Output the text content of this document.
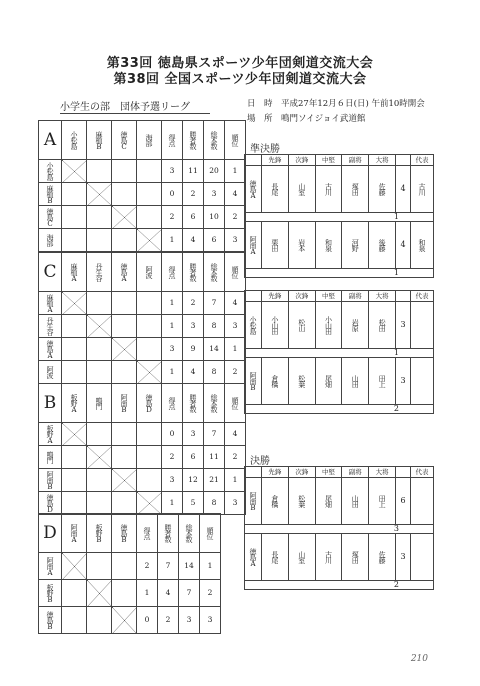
第33回 徳島県スポーツ少年団剣道交流大会
第38回 全国スポーツ少年団剣道交流大会
小学生の部　団体予選リーグ	日　時　平成27年12月６日(日) 午前10時開会
場　所　鳴門ソイジョイ武道館
A	小松島	麻植B	徳島C	海部	得点	勝者数	総本数	順位

小松島					3	11	20	1

麻植B					0	2	3	4

徳島C					2	6	10	2

海部					1	4	6	3
C	麻植A	丹生谷	徳島A	阿波	得点	勝者数	総本数	順位

麻植A					1	2	7	4

丹生谷					1	3	8	3

徳島A					3	9	14	1

阿波					1	4	8	2
B	板野A	鳴門	阿南B	徳島D	得点	勝者数	総本数	順位

板野A					0	3	7	4

鳴門					2	6	11	2

阿南B					3	12	21	1

徳島D					1	5	8	3
D	阿南A	板野B	徳島B	得点	勝者数	総本数	順位

阿南A				2	7	14	1

板野B				1	4	7	2

徳島B				0	2	3	3
準決勝
	先鋒	次鋒	中堅	副将	大将		代表

徳島A	長尾	山室	古川	塚田	佐藤	4	古川

1							

阿南A	栗田	岩本	和泉	河野	後藤	4	和泉

1							
	先鋒	次鋒	中堅	副将	大将		代表

小松島	小山田	松山	小山田	岩原	松田	3	
1							

阿南B	倉橋	松葉	尾畑	山田	田上	3	
2							
決勝
	先鋒	次鋒	中堅	副将	大将		代表

阿南B	倉橋	松葉	尾畑	山田	田上	6	
3							

徳島A	長尾	山室	古川	塚田	佐藤	3	
2							
210
